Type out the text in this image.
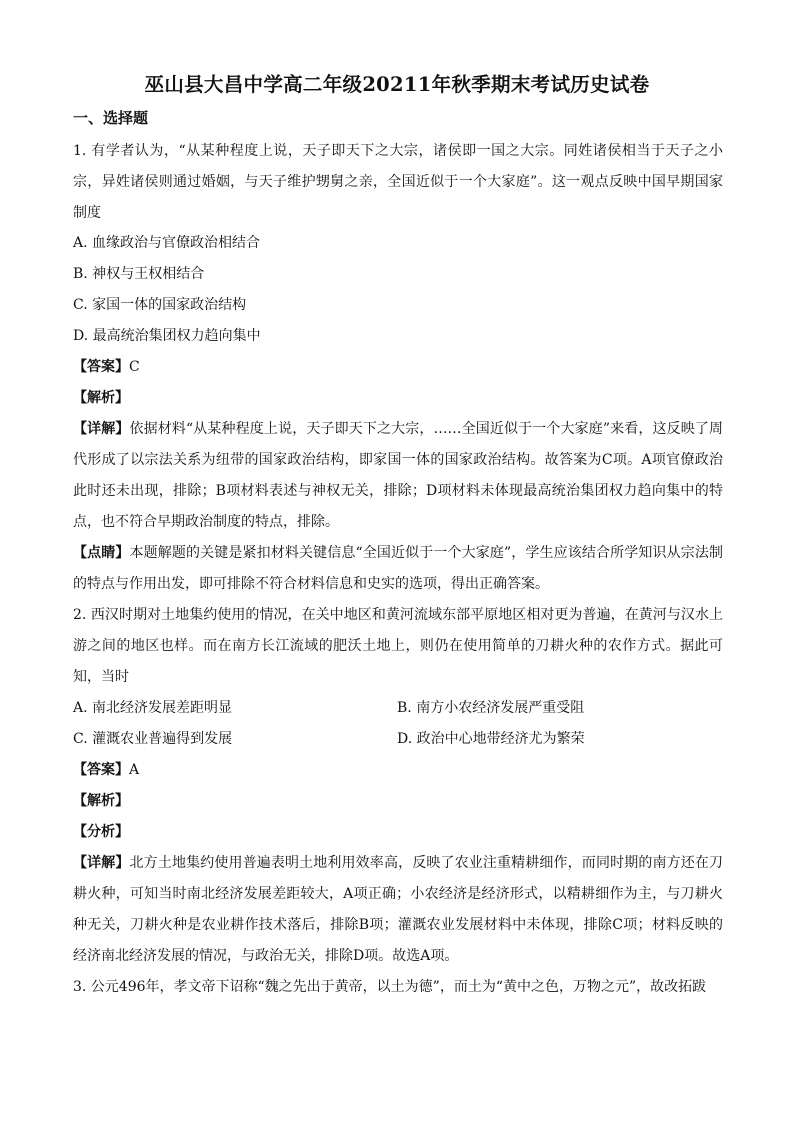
巫山县大昌中学高二年级20211年秋季期末考试历史试卷
一、选择题
1. 有学者认为，“从某种程度上说，天子即天下之大宗，诸侯即一国之大宗。同姓诸侯相当于天子之小宗，异姓诸侯则通过婚姻，与天子维护甥舅之亲，全国近似于一个大家庭”。这一观点反映中国早期国家制度
A. 血缘政治与官僚政治相结合
B. 神权与王权相结合
C. 家国一体的国家政治结构
D. 最高统治集团权力趋向集中
【答案】C
【解析】
【详解】依据材料“从某种程度上说，天子即天下之大宗，……全国近似于一个大家庭”来看，这反映了周代形成了以宗法关系为纽带的国家政治结构，即家国一体的国家政治结构。故答案为C项。A项官僚政治此时还未出现，排除；B项材料表述与神权无关，排除；D项材料未体现最高统治集团权力趋向集中的特点，也不符合早期政治制度的特点，排除。
【点睛】本题解题的关键是紧扣材料关键信息“全国近似于一个大家庭”，学生应该结合所学知识从宗法制的特点与作用出发，即可排除不符合材料信息和史实的选项，得出正确答案。
2. 西汉时期对土地集约使用的情况，在关中地区和黄河流域东部平原地区相对更为普遍，在黄河与汉水上游之间的地区也样。而在南方长江流域的肥沃土地上，则仍在使用简单的刀耕火种的农作方式。据此可知，当时
A. 南北经济发展差距明显	B. 南方小农经济发展严重受阻
C. 灌溉农业普遍得到发展	D. 政治中心地带经济尤为繁荣
【答案】A
【解析】
【分析】
【详解】北方土地集约使用普遍表明土地利用效率高，反映了农业注重精耕细作，而同时期的南方还在刀耕火种，可知当时南北经济发展差距较大，A项正确；小农经济是经济形式，以精耕细作为主，与刀耕火种无关，刀耕火种是农业耕作技术落后，排除B项；灌溉农业发展材料中未体现，排除C项；材料反映的经济南北经济发展的情况，与政治无关，排除D项。故选A项。
3. 公元496年，孝文帝下诏称“魏之先出于黄帝，以土为德”，而土为“黄中之色，万物之元”，故改拓跋
